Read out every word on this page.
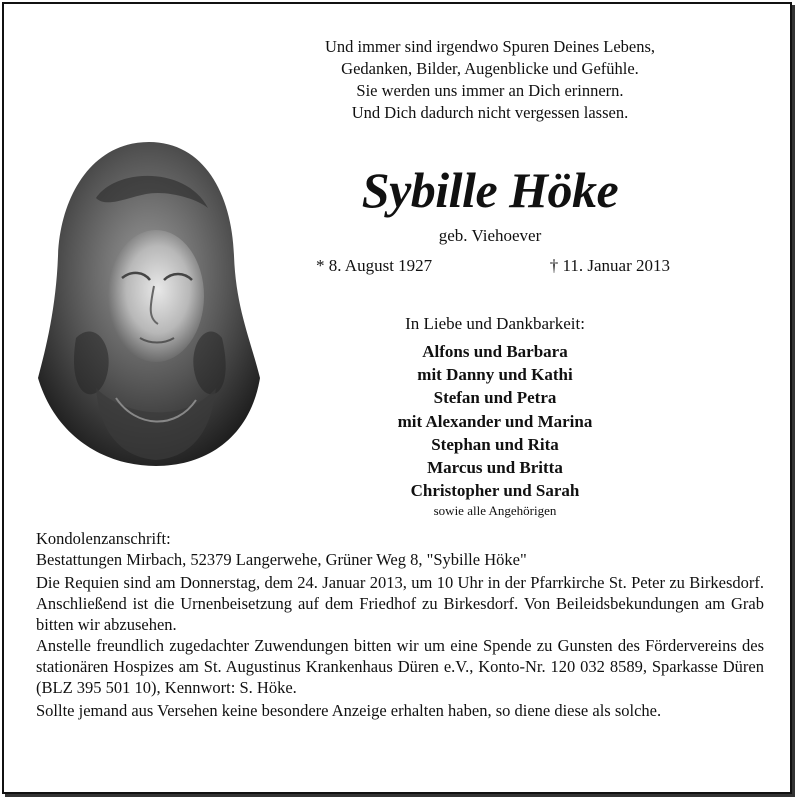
Und immer sind irgendwo Spuren Deines Lebens,
Gedanken, Bilder, Augenblicke und Gefühle.
Sie werden uns immer an Dich erinnern.
Und Dich dadurch nicht vergessen lassen.
Sybille Höke
geb. Viehoever
* 8. August 1927	† 11. Januar 2013
In Liebe und Dankbarkeit:
Alfons und Barbara
mit Danny und Kathi
Stefan und Petra
mit Alexander und Marina
Stephan und Rita
Marcus und Britta
Christopher und Sarah
sowie alle Angehörigen

Kondolenzanschrift:

Bestattungen Mirbach, 52379 Langerwehe, Grüner Weg 8, "Sybille Höke"

Die Requien sind am Donnerstag, dem 24. Januar 2013, um 10 Uhr in der Pfarrkirche St. Peter zu Birkesdorf. Anschließend ist die Urnenbeisetzung auf dem Friedhof zu Birkesdorf. Von Beileidsbekundungen am Grab bitten wir abzusehen.

Anstelle freundlich zugedachter Zuwendungen bitten wir um eine Spende zu Gunsten des Fördervereins des stationären Hospizes am St. Augustinus Krankenhaus Düren e.V., Konto-Nr. 120 032 8589, Sparkasse Düren (BLZ 395 501 10), Kennwort: S. Höke.

Sollte jemand aus Versehen keine besondere Anzeige erhalten haben, so diene diese als solche.
